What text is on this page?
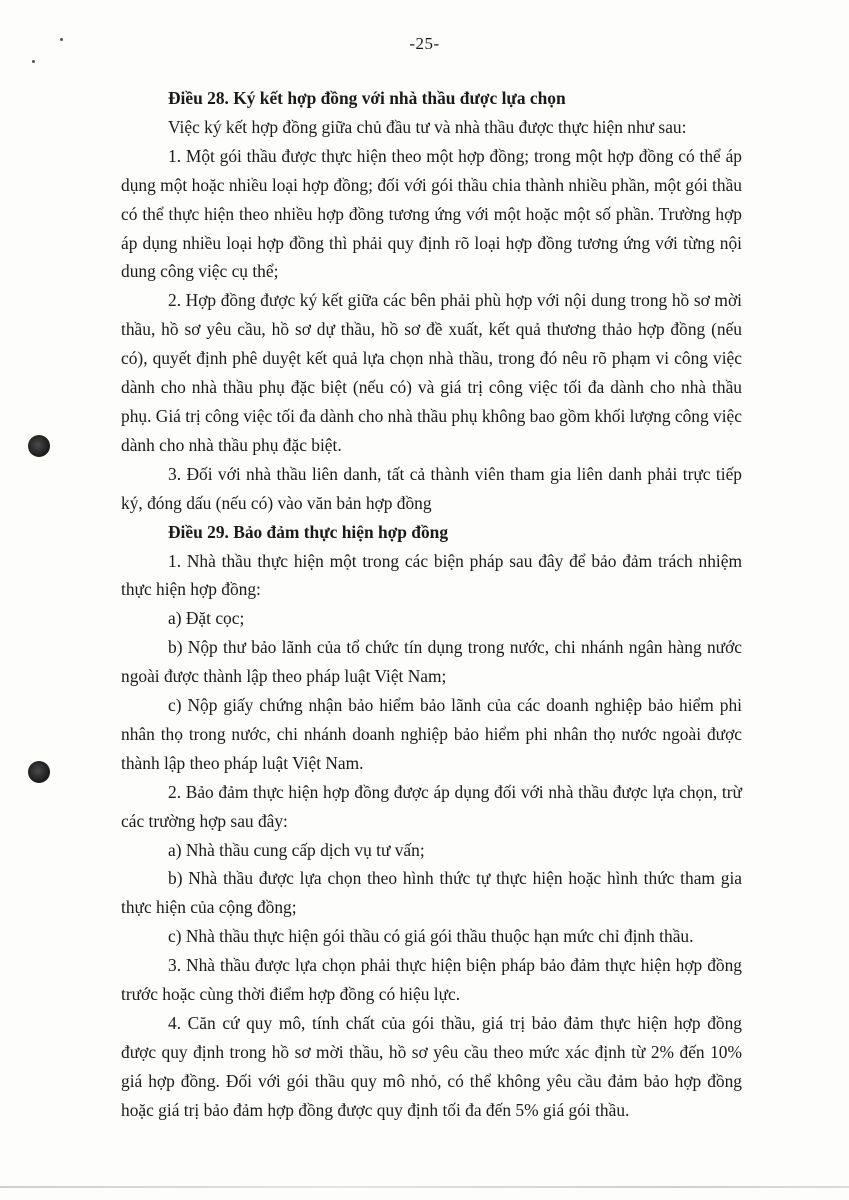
-25-
Điều 28. Ký kết hợp đồng với nhà thầu được lựa chọn

Việc ký kết hợp đồng giữa chủ đầu tư và nhà thầu được thực hiện như sau:

1. Một gói thầu được thực hiện theo một hợp đồng; trong một hợp đồng có thể áp dụng một hoặc nhiều loại hợp đồng; đối với gói thầu chia thành nhiều phần, một gói thầu có thể thực hiện theo nhiều hợp đồng tương ứng với một hoặc một số phần. Trường hợp áp dụng nhiều loại hợp đồng thì phải quy định rõ loại hợp đồng tương ứng với từng nội dung công việc cụ thể;

2. Hợp đồng được ký kết giữa các bên phải phù hợp với nội dung trong hồ sơ mời thầu, hồ sơ yêu cầu, hồ sơ dự thầu, hồ sơ đề xuất, kết quả thương thảo hợp đồng (nếu có), quyết định phê duyệt kết quả lựa chọn nhà thầu, trong đó nêu rõ phạm vi công việc dành cho nhà thầu phụ đặc biệt (nếu có) và giá trị công việc tối đa dành cho nhà thầu phụ. Giá trị công việc tối đa dành cho nhà thầu phụ không bao gồm khối lượng công việc dành cho nhà thầu phụ đặc biệt.

3. Đối với nhà thầu liên danh, tất cả thành viên tham gia liên danh phải trực tiếp ký, đóng dấu (nếu có) vào văn bản hợp đồng

Điều 29. Bảo đảm thực hiện hợp đồng

1. Nhà thầu thực hiện một trong các biện pháp sau đây để bảo đảm trách nhiệm thực hiện hợp đồng:

a) Đặt cọc;

b) Nộp thư bảo lãnh của tổ chức tín dụng trong nước, chi nhánh ngân hàng nước ngoài được thành lập theo pháp luật Việt Nam;

c) Nộp giấy chứng nhận bảo hiểm bảo lãnh của các doanh nghiệp bảo hiểm phi nhân thọ trong nước, chi nhánh doanh nghiệp bảo hiểm phi nhân thọ nước ngoài được thành lập theo pháp luật Việt Nam.

2. Bảo đảm thực hiện hợp đồng được áp dụng đối với nhà thầu được lựa chọn, trừ các trường hợp sau đây:

a) Nhà thầu cung cấp dịch vụ tư vấn;

b) Nhà thầu được lựa chọn theo hình thức tự thực hiện hoặc hình thức tham gia thực hiện của cộng đồng;

c) Nhà thầu thực hiện gói thầu có giá gói thầu thuộc hạn mức chỉ định thầu.

3. Nhà thầu được lựa chọn phải thực hiện biện pháp bảo đảm thực hiện hợp đồng trước hoặc cùng thời điểm hợp đồng có hiệu lực.

4. Căn cứ quy mô, tính chất của gói thầu, giá trị bảo đảm thực hiện hợp đồng được quy định trong hồ sơ mời thầu, hồ sơ yêu cầu theo mức xác định từ 2% đến 10% giá hợp đồng. Đối với gói thầu quy mô nhỏ, có thể không yêu cầu đảm bảo hợp đồng hoặc giá trị bảo đảm hợp đồng được quy định tối đa đến 5% giá gói thầu.
